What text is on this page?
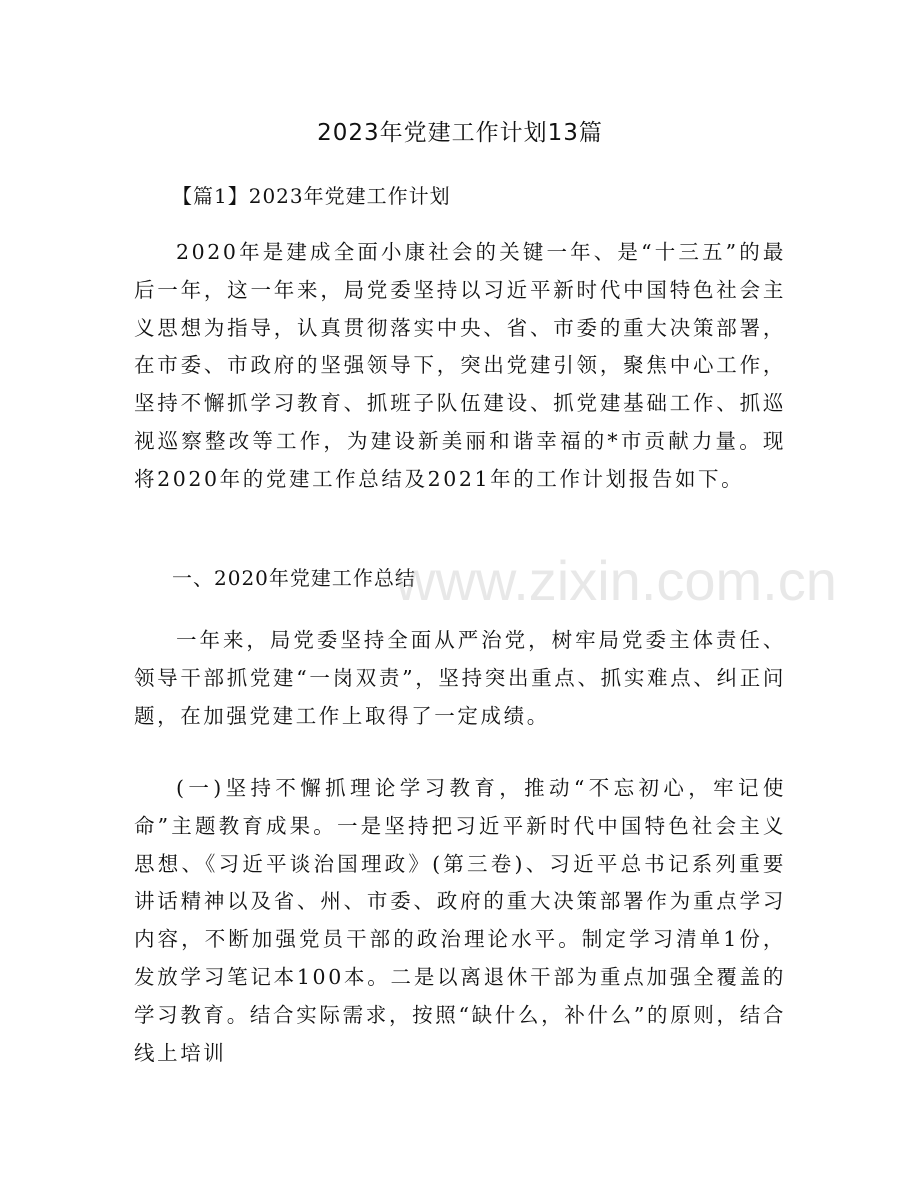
2023年党建工作计划13篇
【篇1】2023年党建工作计划

2020年是建成全面小康社会的关键一年、是“十三五”的最后一年，这一年来，局党委坚持以习近平新时代中国特色社会主义思想为指导，认真贯彻落实中央、省、市委的重大决策部署，在市委、市政府的坚强领导下，突出党建引领，聚焦中心工作，坚持不懈抓学习教育、抓班子队伍建设、抓党建基础工作、抓巡视巡察整改等工作，为建设新美丽和谐幸福的*市贡献力量。现将2020年的党建工作总结及2021年的工作计划报告如下。

一、2020年党建工作总结

一年来，局党委坚持全面从严治党，树牢局党委主体责任、领导干部抓党建“一岗双责”，坚持突出重点、抓实难点、纠正问题，在加强党建工作上取得了一定成绩。

(一)坚持不懈抓理论学习教育，推动“不忘初心，牢记使命”主题教育成果。一是坚持把习近平新时代中国特色社会主义思想、《习近平谈治国理政》(第三卷)、习近平总书记系列重要讲话精神以及省、州、市委、政府的重大决策部署作为重点学习内容，不断加强党员干部的政治理论水平。制定学习清单1份，发放学习笔记本100本。二是以离退休干部为重点加强全覆盖的学习教育。结合实际需求，按照“缺什么，补什么”的原则，结合线上培训

www.zixin.com.cn
